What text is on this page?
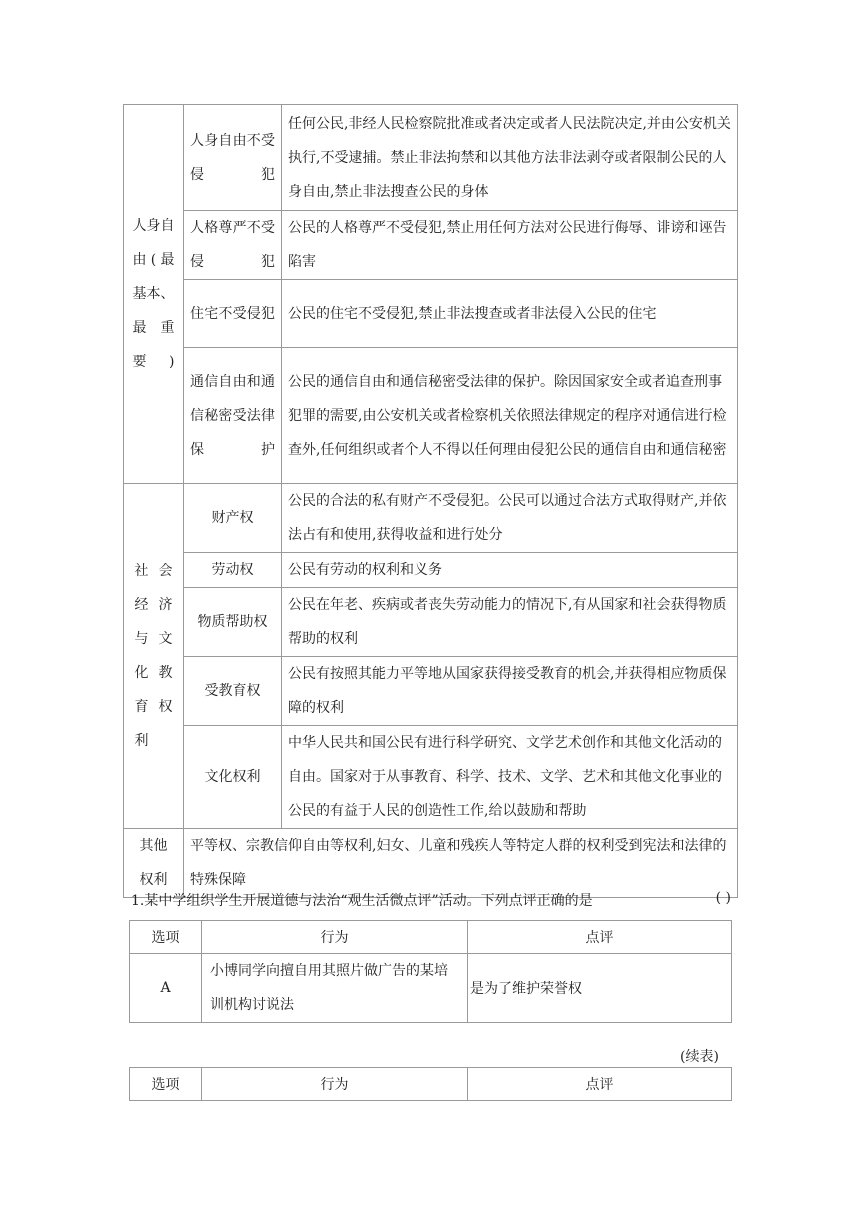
人身自由(最基本、最重要)	人身自由不受侵犯	任何公民,非经人民检察院批准或者决定或者人民法院决定,并由公安机关执行,不受逮捕。禁止非法拘禁和以其他方法非法剥夺或者限制公民的人身自由,禁止非法搜查公民的身体
	人格尊严不受侵犯	公民的人格尊严不受侵犯,禁止用任何方法对公民进行侮辱、诽谤和诬告陷害
	住宅不受侵犯	公民的住宅不受侵犯,禁止非法搜查或者非法侵入公民的住宅
	通信自由和通信秘密受法律保护	公民的通信自由和通信秘密受法律的保护。除因国家安全或者追查刑事犯罪的需要,由公安机关或者检察机关依照法律规定的程序对通信进行检查外,任何组织或者个人不得以任何理由侵犯公民的通信自由和通信秘密
社会经济与文化教育权利	财产权	公民的合法的私有财产不受侵犯。公民可以通过合法方式取得财产,并依法占有和使用,获得收益和进行处分
	劳动权	公民有劳动的权利和义务
	物质帮助权	公民在年老、疾病或者丧失劳动能力的情况下,有从国家和社会获得物质帮助的权利
	受教育权	公民有按照其能力平等地从国家获得接受教育的机会,并获得相应物质保障的权利
	文化权利	中华人民共和国公民有进行科学研究、文学艺术创作和其他文化活动的自由。国家对于从事教育、科学、技术、文学、艺术和其他文化事业的公民的有益于人民的创造性工作,给以鼓励和帮助
其他权利	平等权、宗教信仰自由等权利,妇女、儿童和残疾人等特定人群的权利受到宪法和法律的特殊保障	
1.某中学组织学生开展道德与法治“观生活微点评”活动。下列点评正确的是	( )
选项	行为	点评
A	小博同学向擅自用其照片做广告的某培训机构讨说法	是为了维护荣誉权
(续表)
选项	行为	点评
